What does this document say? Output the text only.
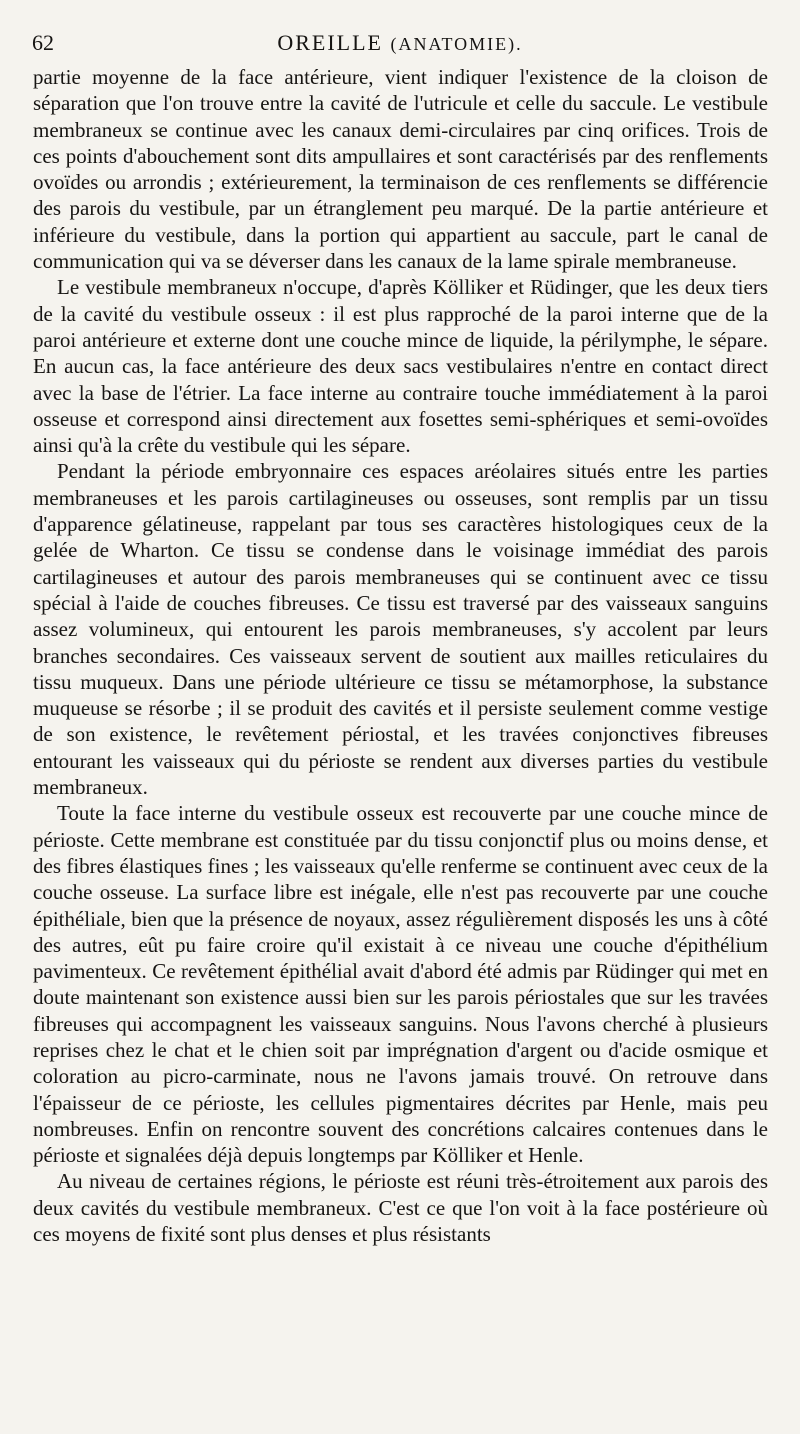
62	OREILLE (ANATOMIE).

partie moyenne de la face antérieure, vient indiquer l'existence de la cloison de séparation que l'on trouve entre la cavité de l'utricule et celle du saccule. Le vestibule membraneux se continue avec les canaux demi-circulaires par cinq orifices. Trois de ces points d'abouchement sont dits ampullaires et sont caractérisés par des renflements ovoïdes ou arrondis ; extérieurement, la terminaison de ces renflements se différencie des parois du vestibule, par un étranglement peu marqué. De la partie antérieure et inférieure du vestibule, dans la portion qui appartient au saccule, part le canal de communication qui va se déverser dans les canaux de la lame spirale membraneuse.

Le vestibule membraneux n'occupe, d'après Kölliker et Rüdinger, que les deux tiers de la cavité du vestibule osseux : il est plus rapproché de la paroi interne que de la paroi antérieure et externe dont une couche mince de liquide, la périlymphe, le sépare. En aucun cas, la face antérieure des deux sacs vestibulaires n'entre en contact direct avec la base de l'étrier. La face interne au contraire touche immédiatement à la paroi osseuse et correspond ainsi directement aux fosettes semi-sphériques et semi-ovoïdes ainsi qu'à la crête du vestibule qui les sépare.

Pendant la période embryonnaire ces espaces aréolaires situés entre les parties membraneuses et les parois cartilagineuses ou osseuses, sont remplis par un tissu d'apparence gélatineuse, rappelant par tous ses caractères histologiques ceux de la gelée de Wharton. Ce tissu se condense dans le voisinage immédiat des parois cartilagineuses et autour des parois membraneuses qui se continuent avec ce tissu spécial à l'aide de couches fibreuses. Ce tissu est traversé par des vaisseaux sanguins assez volumineux, qui entourent les parois membraneuses, s'y accolent par leurs branches secondaires. Ces vaisseaux servent de soutient aux mailles reticulaires du tissu muqueux. Dans une période ultérieure ce tissu se métamorphose, la substance muqueuse se résorbe ; il se produit des cavités et il persiste seulement comme vestige de son existence, le revêtement périostal, et les travées conjonctives fibreuses entourant les vaisseaux qui du périoste se rendent aux diverses parties du vestibule membraneux.

Toute la face interne du vestibule osseux est recouverte par une couche mince de périoste. Cette membrane est constituée par du tissu conjonctif plus ou moins dense, et des fibres élastiques fines ; les vaisseaux qu'elle renferme se continuent avec ceux de la couche osseuse. La surface libre est inégale, elle n'est pas recouverte par une couche épithéliale, bien que la présence de noyaux, assez régulièrement disposés les uns à côté des autres, eût pu faire croire qu'il existait à ce niveau une couche d'épithélium pavimenteux. Ce revêtement épithélial avait d'abord été admis par Rüdinger qui met en doute maintenant son existence aussi bien sur les parois périostales que sur les travées fibreuses qui accompagnent les vaisseaux sanguins. Nous l'avons cherché à plusieurs reprises chez le chat et le chien soit par imprégnation d'argent ou d'acide osmique et coloration au picro-carminate, nous ne l'avons jamais trouvé. On retrouve dans l'épaisseur de ce périoste, les cellules pigmentaires décrites par Henle, mais peu nombreuses. Enfin on rencontre souvent des concrétions calcaires contenues dans le périoste et signalées déjà depuis longtemps par Kölliker et Henle.

Au niveau de certaines régions, le périoste est réuni très-étroitement aux parois des deux cavités du vestibule membraneux. C'est ce que l'on voit à la face postérieure où ces moyens de fixité sont plus denses et plus résistants
